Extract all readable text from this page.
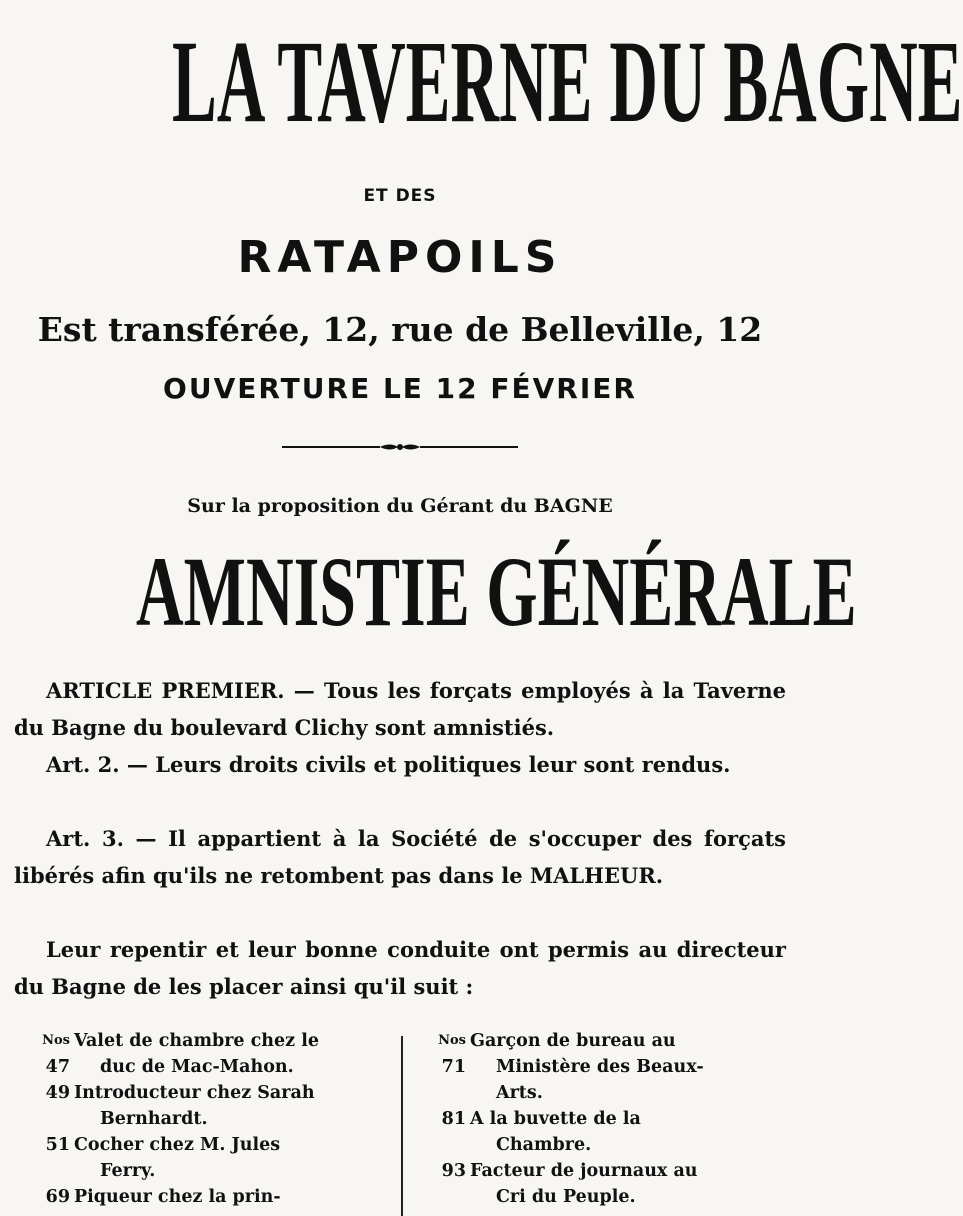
LA TAVERNE DU BAGNE
ET DES
RATAPOILS
Est transférée, 12, rue de Belleville, 12
OUVERTURE LE 12 FÉVRIER
Sur la proposition du Gérant du BAGNE
AMNISTIE GÉNÉRALE

ARTICLE PREMIER. — Tous les forçats employés à la Taverne du Bagne du boulevard Clichy sont amnistiés.

Art. 2. — Leurs droits civils et politiques leur sont rendus.

Art. 3. — Il appartient à la Société de s'occuper des forçats libérés afin qu'ils ne retombent pas dans le MALHEUR.

Leur repentir et leur bonne conduite ont permis au directeur du Bagne de les placer ainsi qu'il suit :

$^{Nos}$ 47
Valet de chambre chez le
duc de Mac-Mahon.
49 Introducteur chez Sarah
Bernhardt.
51 Cocher chez M. Jules
Ferry.
69 Piqueur chez la prin-
$^{Nos}$ 71
Garçon de bureau au
Ministère des Beaux-
Arts.
81 A la buvette de la
Chambre.
93 Facteur de journaux au
Cri du Peuple.
